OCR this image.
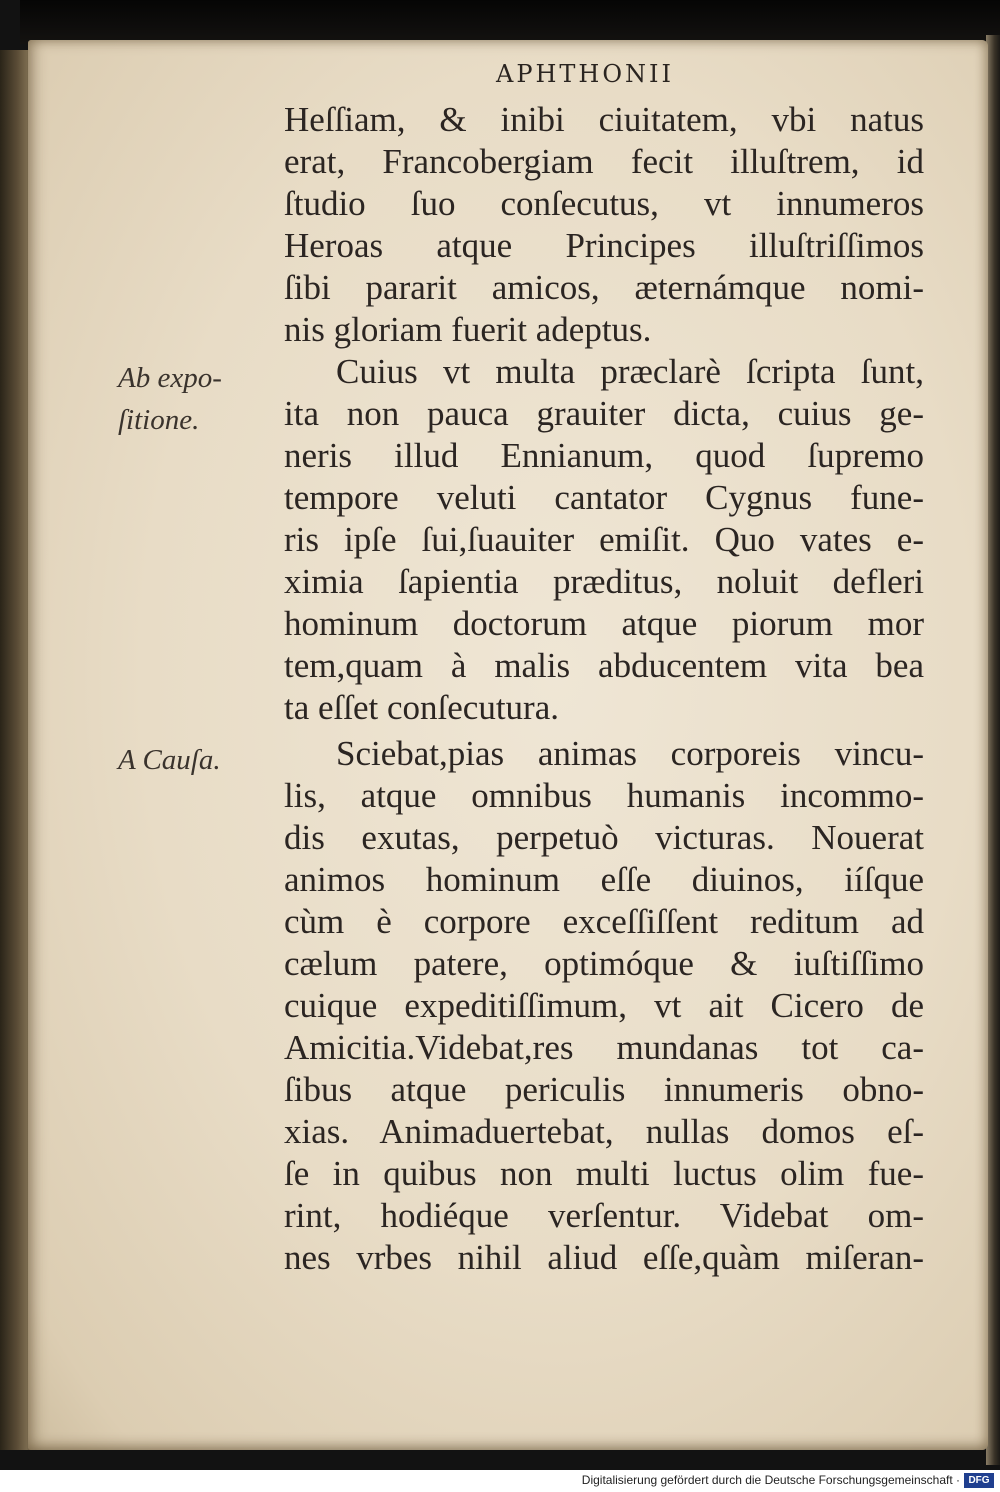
APHTHONII
Heſſiam, & inibi ciuitatem, vbi natus
erat, Francobergiam fecit illuſtrem, id
ſtudio ſuo conſecutus, vt innumeros
Heroas atque Principes illuſtriſſimos
ſibi pararit amicos, æternámque nomi-
nis gloriam fuerit adeptus.
Ab expo-
ſitione.
Cuius vt multa præclarè ſcripta ſunt,
ita non pauca grauiter dicta, cuius ge-
neris illud Ennianum, quod ſupremo
tempore veluti cantator Cygnus fune-
ris ipſe ſui,ſuauiter emiſit. Quo vates e-
ximia ſapientia præditus, noluit defleri
hominum doctorum atque piorum mor
tem,quam à malis abducentem vita bea
ta eſſet conſecutura.
A Cauſa.	Sciebat,pias animas corporeis vincu-
lis, atque omnibus humanis incommo-
dis exutas, perpetuò victuras. Nouerat
animos hominum eſſe diuinos, iíſque
cùm è corpore exceſſiſſent reditum ad
cælum patere, optimóque & iuſtiſſimo
cuique expeditiſſimum, vt ait Cicero de
Amicitia.Videbat,res mundanas tot ca-
ſibus atque periculis innumeris obno-
xias. Animaduertebat, nullas domos eſ-
ſe in quibus non multi luctus olim fue-
rint, hodiéque verſentur. Videbat om-
nes vrbes nihil aliud eſſe,quàm miſeran-
Digitalisierung gefördert durch die Deutsche Forschungsgemeinschaft · DFG
